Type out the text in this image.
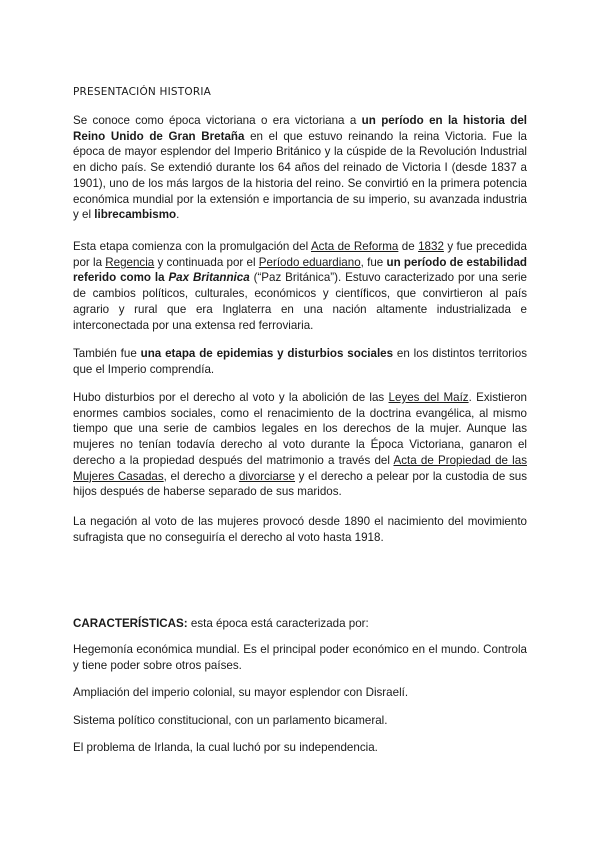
PRESENTACIÓN HISTORIA

Se conoce como época victoriana o era victoriana a un período en la historia del Reino Unido de Gran Bretaña en el que estuvo reinando la reina Victoria. Fue la época de mayor esplendor del Imperio Británico y la cúspide de la Revolución Industrial en dicho país. Se extendió durante los 64 años del reinado de Victoria I (desde 1837 a 1901), uno de los más largos de la historia del reino. Se convirtió en la primera potencia económica mundial por la extensión e importancia de su imperio, su avanzada industria y el librecambismo.

Esta etapa comienza con la promulgación del Acta de Reforma de 1832 y fue precedida por la Regencia y continuada por el Período eduardiano, fue un período de estabilidad referido como la Pax Britannica (“Paz Británica”). Estuvo caracterizado por una serie de cambios políticos, culturales, económicos y científicos, que convirtieron al país agrario y rural que era Inglaterra en una nación altamente industrializada e interconectada por una extensa red ferroviaria.

También fue una etapa de epidemias y disturbios sociales en los distintos territorios que el Imperio comprendía.

Hubo disturbios por el derecho al voto y la abolición de las Leyes del Maíz. Existieron enormes cambios sociales, como el renacimiento de la doctrina evangélica, al mismo tiempo que una serie de cambios legales en los derechos de la mujer. Aunque las mujeres no tenían todavía derecho al voto durante la Época Victoriana, ganaron el derecho a la propiedad después del matrimonio a través del Acta de Propiedad de las Mujeres Casadas, el derecho a divorciarse y el derecho a pelear por la custodia de sus hijos después de haberse separado de sus maridos.

La negación al voto de las mujeres provocó desde 1890 el nacimiento del movimiento sufragista que no conseguiría el derecho al voto hasta 1918.

CARACTERÍSTICAS: esta época está caracterizada por:

Hegemonía económica mundial. Es el principal poder económico en el mundo. Controla y tiene poder sobre otros países.

Ampliación del imperio colonial, su mayor esplendor con Disraelí.

Sistema político constitucional, con un parlamento bicameral.

El problema de Irlanda, la cual luchó por su independencia.
